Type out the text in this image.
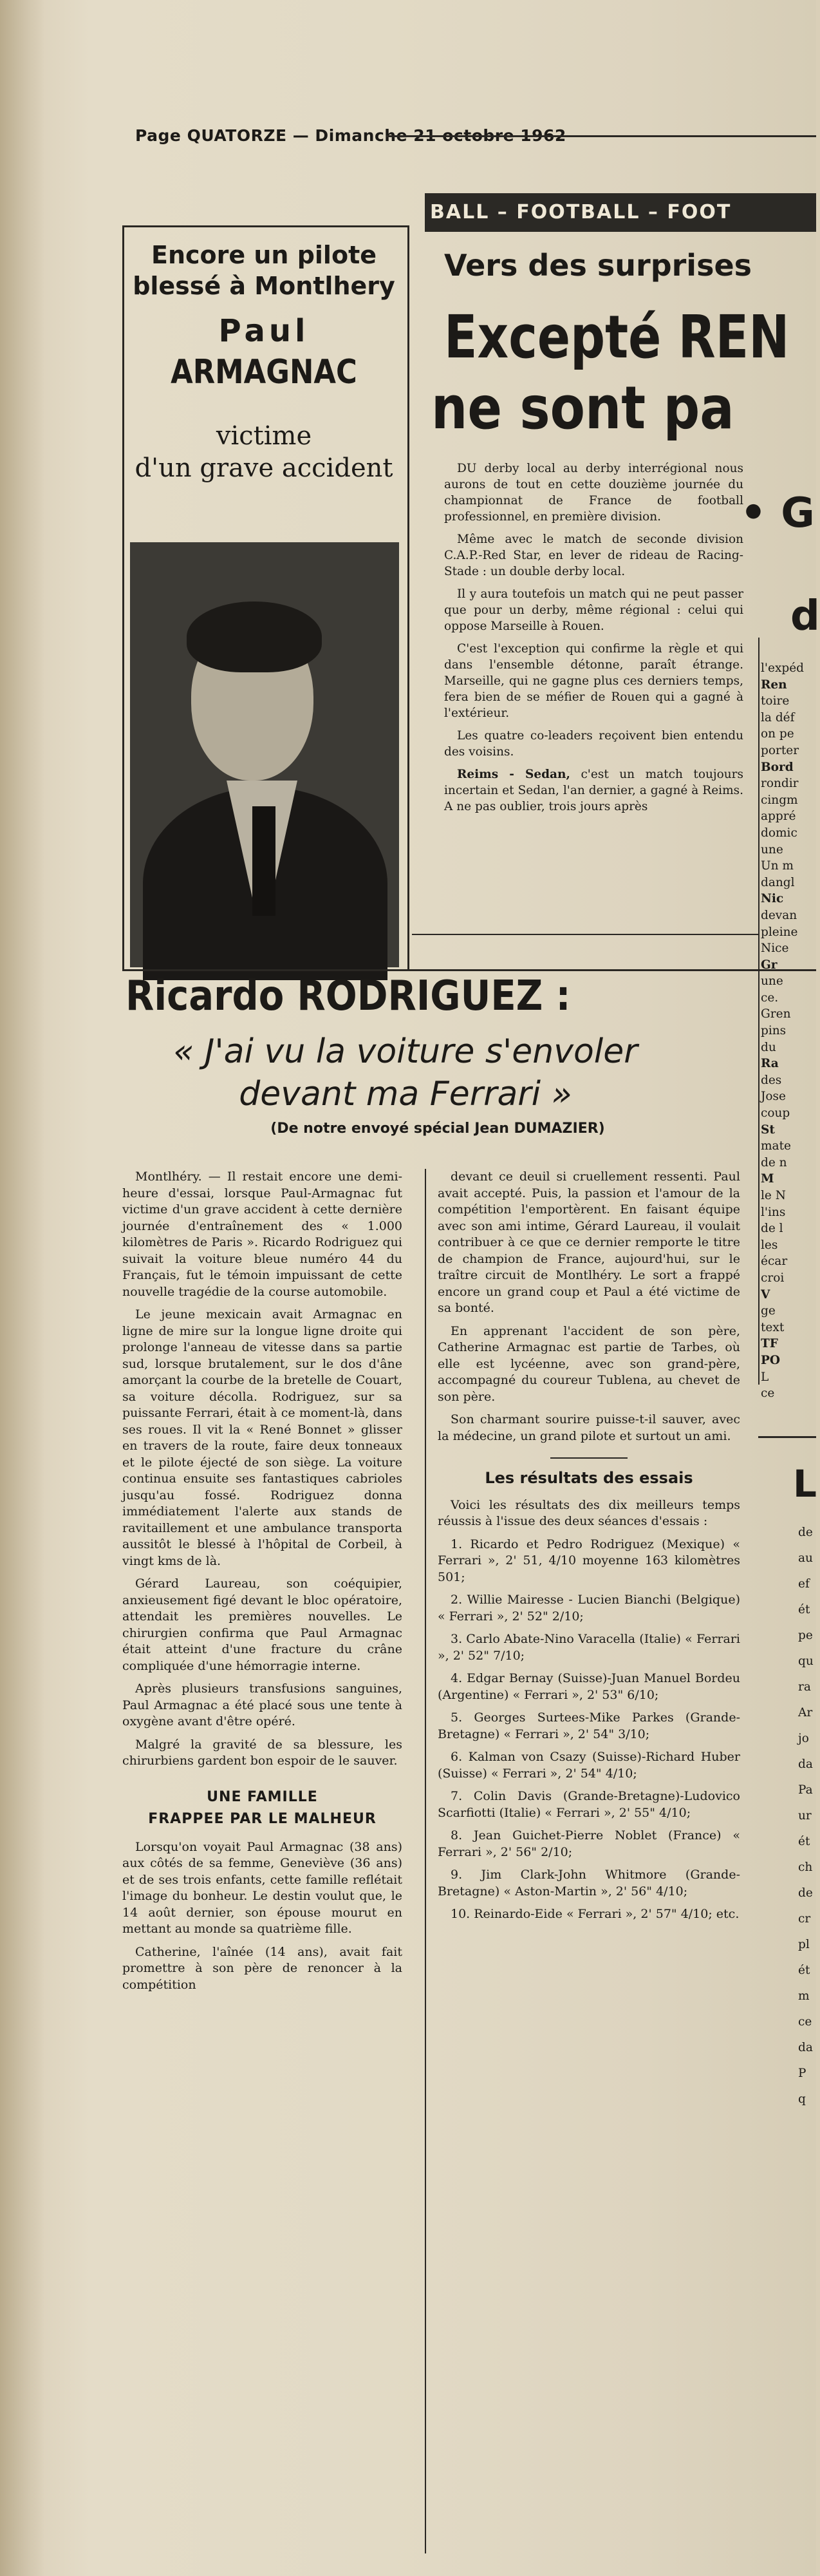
Page QUATORZE — Dimanche 21 octobre 1962
BALL – FOOTBALL – FOOT
Encore un pilote
blessé à Montlhery
Paul
ARMAGNAC
victime
d'un grave accident
Ricardo RODRIGUEZ :
« J'ai vu la voiture s'envoler
devant ma Ferrari »
(De notre envoyé spécial Jean DUMAZIER)

Montlhéry. — Il restait encore une demi-heure d'essai, lorsque Paul-Armagnac fut victime d'un grave accident à cette dernière journée d'entraînement des « 1.000 kilomètres de Paris ». Ricardo Rodriguez qui suivait la voiture bleue numéro 44 du Français, fut le témoin impuissant de cette nouvelle tragédie de la course automobile.

Le jeune mexicain avait Armagnac en ligne de mire sur la longue ligne droite qui prolonge l'anneau de vitesse dans sa partie sud, lorsque brutalement, sur le dos d'âne amorçant la courbe de la bretelle de Couart, sa voiture décolla. Rodriguez, sur sa puissante Ferrari, était à ce moment-là, dans ses roues. Il vit la « René Bonnet » glisser en travers de la route, faire deux tonneaux et le pilote éjecté de son siège. La voiture continua ensuite ses fantastiques cabrioles jusqu'au fossé. Rodriguez donna immédiatement l'alerte aux stands de ravitaillement et une ambulance transporta aussitôt le blessé à l'hôpital de Corbeil, à vingt kms de là.

Gérard Laureau, son coéquipier, anxieusement figé devant le bloc opératoire, attendait les premières nouvelles. Le chirurgien confirma que Paul Armagnac était atteint d'une fracture du crâne compliquée d'une hémorragie interne.

Après plusieurs transfusions sanguines, Paul Armagnac a été placé sous une tente à oxygène avant d'être opéré.

Malgré la gravité de sa blessure, les chirurbiens gardent bon espoir de le sauver.

UNE FAMILLE
FRAPPEE PAR LE MALHEUR

Lorsqu'on voyait Paul Armagnac (38 ans) aux côtés de sa femme, Geneviève (36 ans) et de ses trois enfants, cette famille reflétait l'image du bonheur. Le destin voulut que, le 14 août dernier, son épouse mourut en mettant au monde sa quatrième fille.

Catherine, l'aînée (14 ans), avait fait promettre à son père de renoncer à la compétition

devant ce deuil si cruellement ressenti. Paul avait accepté. Puis, la passion et l'amour de la compétition l'emportèrent. En faisant équipe avec son ami intime, Gérard Laureau, il voulait contribuer à ce que ce dernier remporte le titre de champion de France, aujourd'hui, sur le traître circuit de Montlhéry. Le sort a frappé encore un grand coup et Paul a été victime de sa bonté.

En apprenant l'accident de son père, Catherine Armagnac est partie de Tarbes, où elle est lycéenne, avec son grand-père, accompagné du coureur Tublena, au chevet de son père.

Son charmant sourire puisse-t-il sauver, avec la médecine, un grand pilote et surtout un ami.

Les résultats des essais

Voici les résultats des dix meilleurs temps réussis à l'issue des deux séances d'essais :

1. Ricardo et Pedro Rodriguez (Mexique) « Ferrari », 2' 51, 4/10 moyenne 163 kilomètres 501;

2. Willie Mairesse - Lucien Bianchi (Belgique) « Ferrari », 2' 52" 2/10;

3. Carlo Abate-Nino Varacella (Italie) « Ferrari », 2' 52" 7/10;

4. Edgar Bernay (Suisse)-Juan Manuel Bordeu (Argentine) « Ferrari », 2' 53" 6/10;

5. Georges Surtees-Mike Parkes (Grande-Bretagne) « Ferrari », 2' 54" 3/10;

6. Kalman von Csazy (Suisse)-Richard Huber (Suisse) « Ferrari », 2' 54" 4/10;

7. Colin Davis (Grande-Bretagne)-Ludovico Scarfiotti (Italie) « Ferrari », 2' 55" 4/10;

8. Jean Guichet-Pierre Noblet (France) « Ferrari », 2' 56" 2/10;

9. Jim Clark-John Whitmore (Grande-Bretagne) « Aston-Martin », 2' 56" 4/10;

10. Reinardo-Eide « Ferrari », 2' 57" 4/10; etc.

Vers des surprises
Excepté REN
ne sont pa
• G
d

DU derby local au derby interrégional nous aurons de tout en cette douzième journée du championnat de France de football professionnel, en première division.

Même avec le match de seconde division C.A.P.-Red Star, en lever de rideau de Racing-Stade : un double derby local.

Il y aura toutefois un match qui ne peut passer que pour un derby, même régional : celui qui oppose Marseille à Rouen.

C'est l'exception qui confirme la règle et qui dans l'ensemble détonne, paraît étrange. Marseille, qui ne gagne plus ces derniers temps, fera bien de se méfier de Rouen qui a gagné à l'extérieur.

Les quatre co-leaders reçoivent bien entendu des voisins.

Reims - Sedan, c'est un match toujours incertain et Sedan, l'an dernier, a gagné à Reims. A ne pas oublier, trois jours après

l'expéd
Ren
toire
la déf
on pe
porter
Bord
rondir
cingm
appré
domic
une
Un m
dangl
Nic
devan
pleine
Nice
Gr
une
ce.
Gren
pins
du
Ra
des
Jose
coup
St
mate
de n
M
le N
l'ins
de l
les
écar
croi
V
ge
text
TF
PO
L
ce
L
de
au
ef
ét
pe
qu
ra
Ar
jo
da
Pa
ur
ét
ch
de
cr
pl
ét
m
ce
da
P
q
